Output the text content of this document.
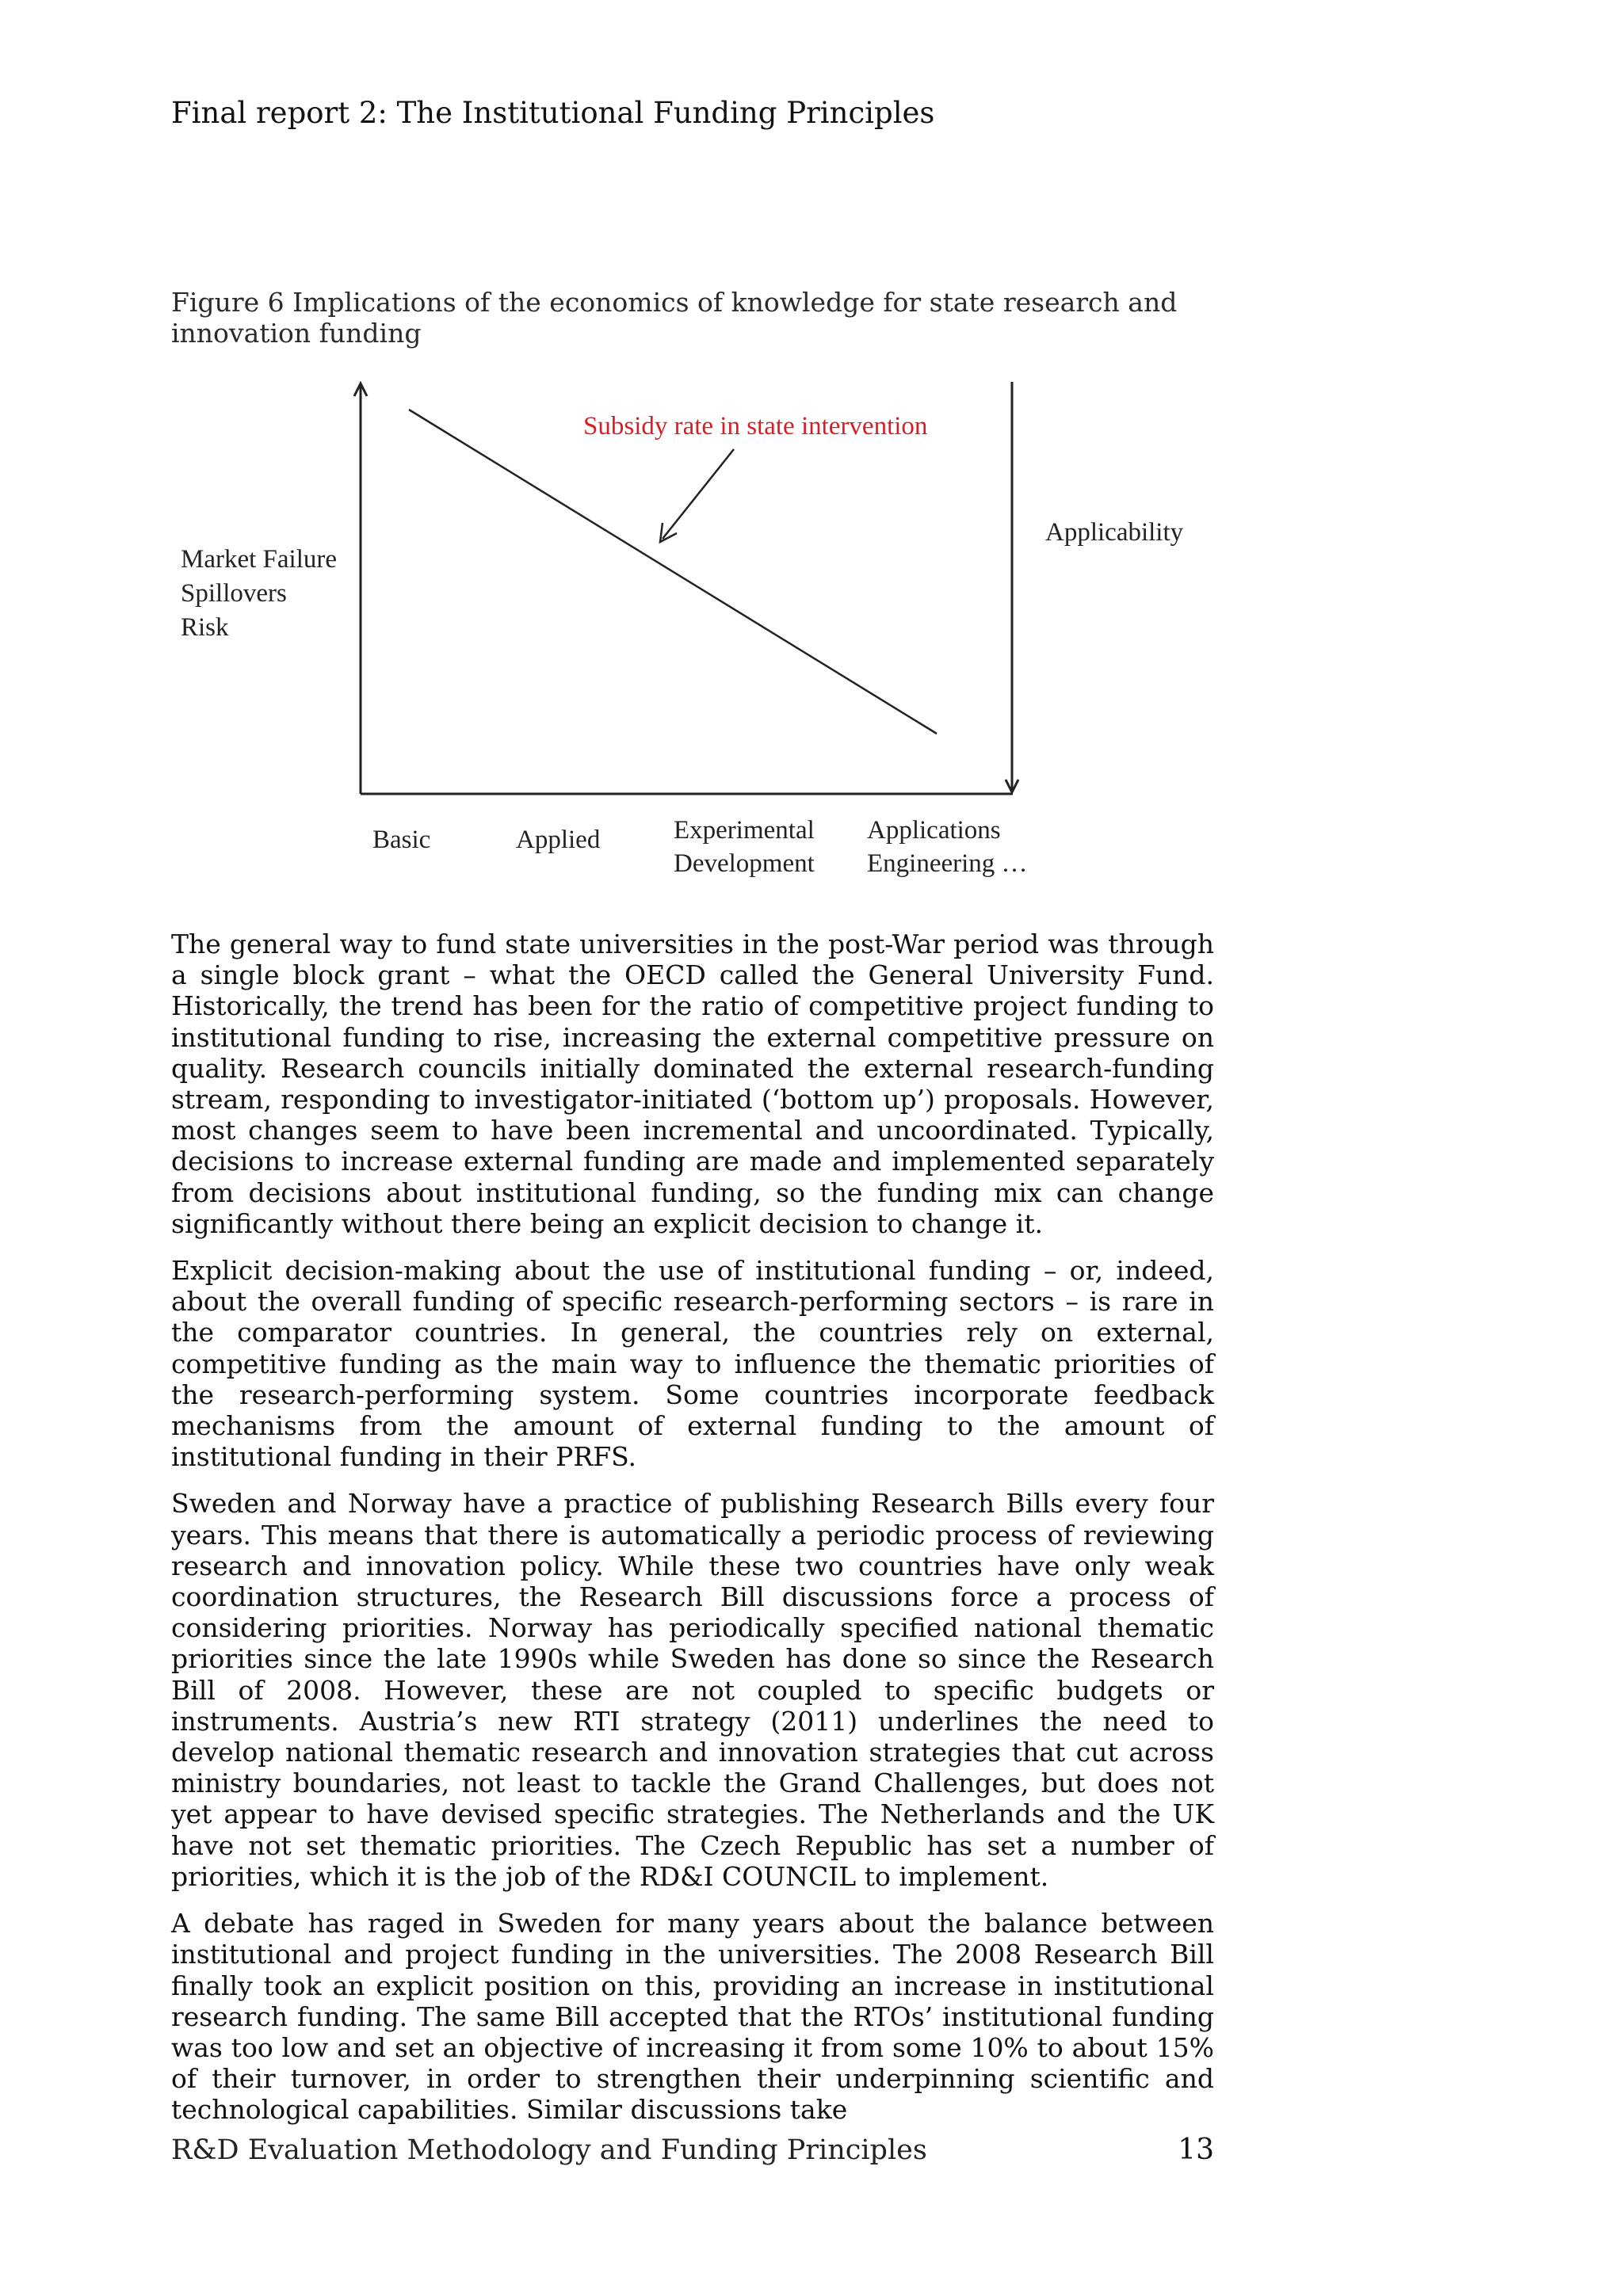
Final report 2: The Institutional Funding Principles
Figure 6 Implications of the economics of knowledge for state research and innovation funding
Subsidy rate in state intervention
Market Failure
Spillovers
Risk
Applicability
Basic	Applied	Experimental
Development
Applications
Engineering …

The general way to fund state universities in the post-War period was through a single block grant – what the OECD called the General University Fund. Historically, the trend has been for the ratio of competitive project funding to institutional funding to rise, increasing the external competitive pressure on quality. Research councils initially dominated the external research-funding stream, responding to investigator-initiated (‘bottom up’) proposals. However, most changes seem to have been incremental and uncoordinated. Typically, decisions to increase external funding are made and implemented separately from decisions about institutional funding, so the funding mix can change significantly without there being an explicit decision to change it.

Explicit decision-making about the use of institutional funding – or, indeed, about the overall funding of specific research-performing sectors – is rare in the comparator countries. In general, the countries rely on external, competitive funding as the main way to influence the thematic priorities of the research-performing system. Some countries incorporate feedback mechanisms from the amount of external funding to the amount of institutional funding in their PRFS.

Sweden and Norway have a practice of publishing Research Bills every four years. This means that there is automatically a periodic process of reviewing research and innovation policy. While these two countries have only weak coordination structures, the Research Bill discussions force a process of considering priorities. Norway has periodically specified national thematic priorities since the late 1990s while Sweden has done so since the Research Bill of 2008. However, these are not coupled to specific budgets or instruments. Austria’s new RTI strategy (2011) underlines the need to develop national thematic research and innovation strategies that cut across ministry boundaries, not least to tackle the Grand Challenges, but does not yet appear to have devised specific strategies. The Netherlands and the UK have not set thematic priorities. The Czech Republic has set a number of priorities, which it is the job of the RD&I COUNCIL to implement.

A debate has raged in Sweden for many years about the balance between institutional and project funding in the universities. The 2008 Research Bill finally took an explicit position on this, providing an increase in institutional research funding. The same Bill accepted that the RTOs’ institutional funding was too low and set an objective of increasing it from some 10% to about 15% of their turnover, in order to strengthen their underpinning scientific and technological capabilities. Similar discussions take

R&D Evaluation Methodology and Funding Principles	13
